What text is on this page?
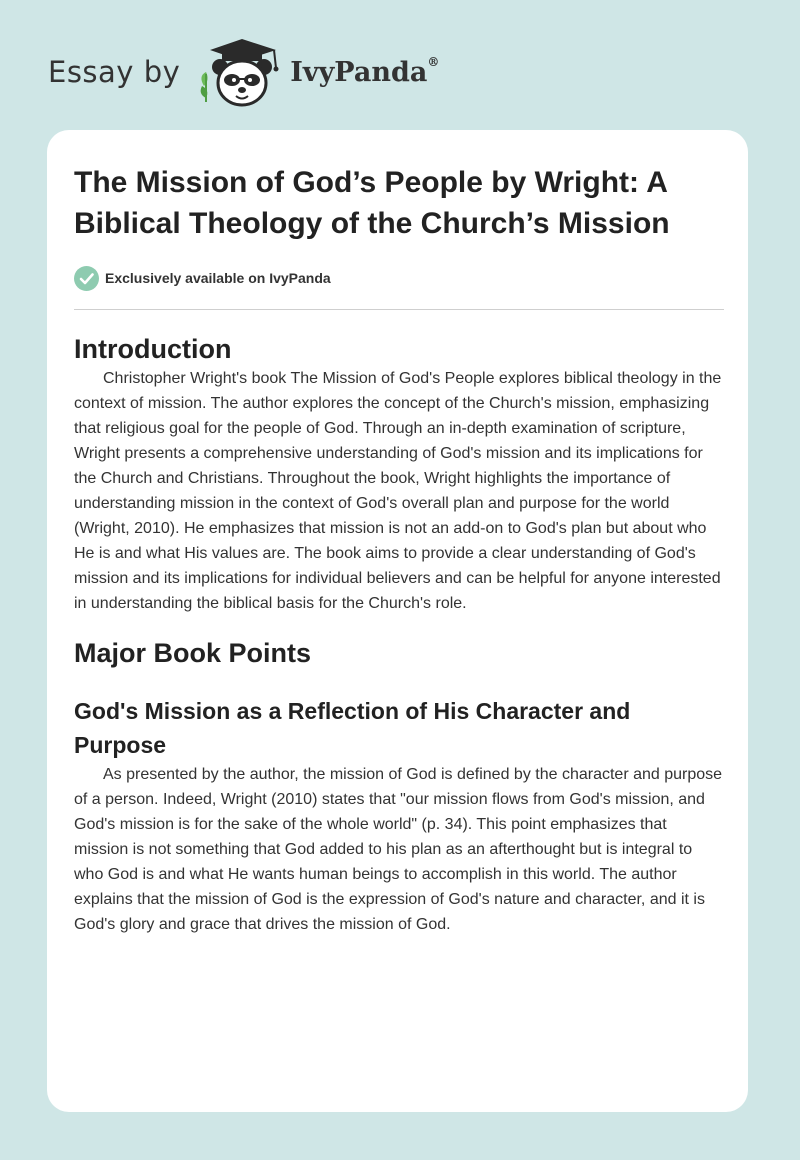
Essay by	IvyPanda®
The Mission of God’s People by Wright: A Biblical Theology of the Church’s Mission
Exclusively available on IvyPanda
Introduction

Christopher Wright's book The Mission of God's People explores biblical theology in the context of mission. The author explores the concept of the Church's mission, emphasizing that religious goal for the people of God. Through an in-depth examination of scripture, Wright presents a comprehensive understanding of God's mission and its implications for the Church and Christians. Throughout the book, Wright highlights the importance of understanding mission in the context of God's overall plan and purpose for the world (Wright, 2010). He emphasizes that mission is not an add-on to God's plan but about who He is and what His values are. The book aims to provide a clear understanding of God's mission and its implications for individual believers and can be helpful for anyone interested in understanding the biblical basis for the Church's role.

Major Book Points
God's Mission as a Reflection of His Character and Purpose

As presented by the author, the mission of God is defined by the character and purpose of a person. Indeed, Wright (2010) states that "our mission flows from God's mission, and God's mission is for the sake of the whole world" (p. 34). This point emphasizes that mission is not something that God added to his plan as an afterthought but is integral to who God is and what He wants human beings to accomplish in this world. The author explains that the mission of God is the expression of God's nature and character, and it is God's glory and grace that drives the mission of God.
